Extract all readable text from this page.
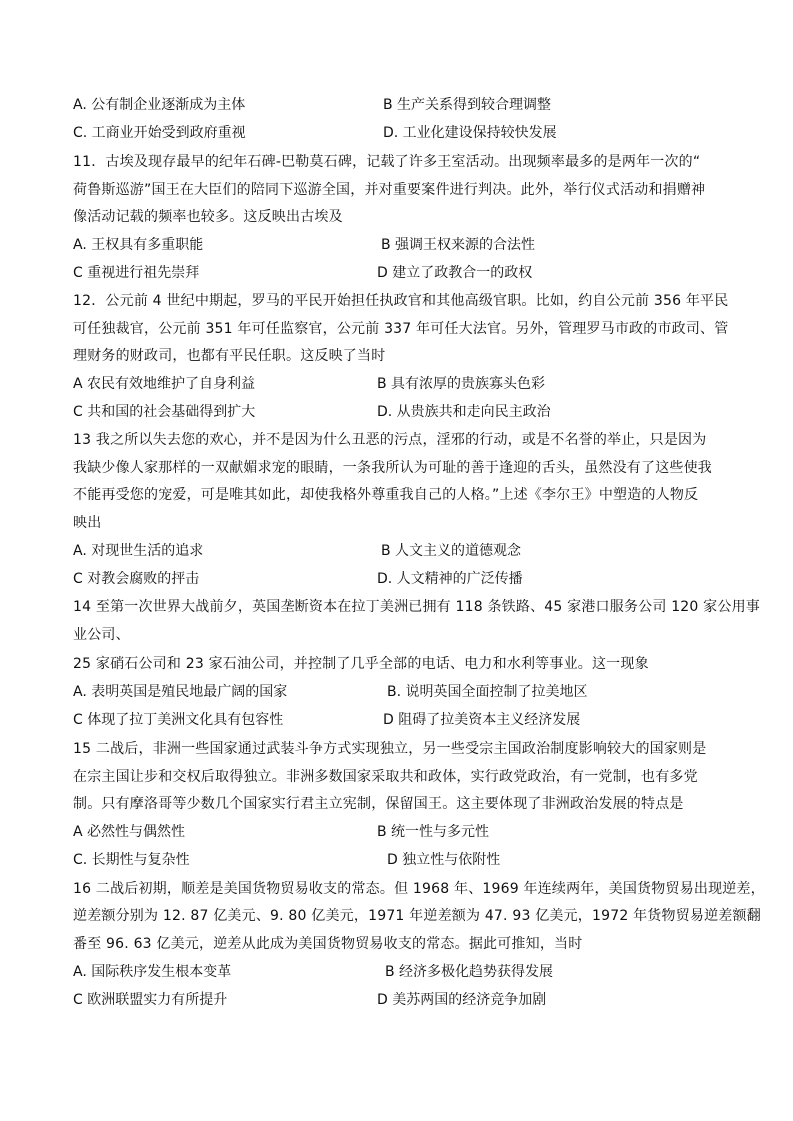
A. 公有制企业逐渐成为主体	B 生产关系得到较合理调整
C. 工商业开始受到政府重视	D. 工业化建设保持较快发展
11．古埃及现存最早的纪年石碑-巴勒莫石碑，记载了许多王室活动。出现频率最多的是两年一次的“
荷鲁斯巡游”国王在大臣们的陪同下巡游全国，并对重要案件进行判决。此外，举行仪式活动和捐赠神
像活动记载的频率也较多。这反映出古埃及
A. 王权具有多重职能	B 强调王权来源的合法性
C 重视进行祖先崇拜	D 建立了政教合一的政权
12．公元前 4 世纪中期起，罗马的平民开始担任执政官和其他高级官职。比如，约自公元前 356 年平民
可任独裁官，公元前 351 年可任监察官，公元前 337 年可任大法官。另外，管理罗马市政的市政司、管
理财务的财政司，也都有平民任职。这反映了当时
A 农民有效地维护了自身利益	B 具有浓厚的贵族寡头色彩
C 共和国的社会基础得到扩大	D. 从贵族共和走向民主政治
13 我之所以失去您的欢心，并不是因为什么丑恶的污点，淫邪的行动，或是不名誉的举止，只是因为
我缺少像人家那样的一双献媚求宠的眼睛，一条我所认为可耻的善于逢迎的舌头，虽然没有了这些使我
不能再受您的宠爱，可是唯其如此，却使我格外尊重我自己的人格。”上述《李尔王》中塑造的人物反
映出
A. 对现世生活的追求	B 人文主义的道德观念
C 对教会腐败的抨击	D. 人文精神的广泛传播
14 至第一次世界大战前夕，英国垄断资本在拉丁美洲已拥有 118 条铁路、45 家港口服务公司 120 家公用事
业公司、
25 家硝石公司和 23 家石油公司，并控制了几乎全部的电话、电力和水利等事业。这一现象
A. 表明英国是殖民地最广阔的国家	B. 说明英国全面控制了拉美地区
C 体现了拉丁美洲文化具有包容性	D 阻碍了拉美资本主义经济发展
15 二战后，非洲一些国家通过武装斗争方式实现独立，另一些受宗主国政治制度影响较大的国家则是
在宗主国让步和交权后取得独立。非洲多数国家采取共和政体，实行政党政治，有一党制，也有多党
制。只有摩洛哥等少数几个国家实行君主立宪制，保留国王。这主要体现了非洲政治发展的特点是
A 必然性与偶然性	B 统一性与多元性
C. 长期性与复杂性	D 独立性与依附性
16 二战后初期，顺差是美国货物贸易收支的常态。但 1968 年、1969 年连续两年，美国货物贸易出现逆差，
逆差额分别为 12. 87 亿美元、9. 80 亿美元，1971 年逆差额为 47. 93 亿美元，1972 年货物贸易逆差额翻
番至 96. 63 亿美元，逆差从此成为美国货物贸易收支的常态。据此可推知，当时
A. 国际秩序发生根本变革	B 经济多极化趋势获得发展
C 欧洲联盟实力有所提升	D 美苏两国的经济竞争加剧
